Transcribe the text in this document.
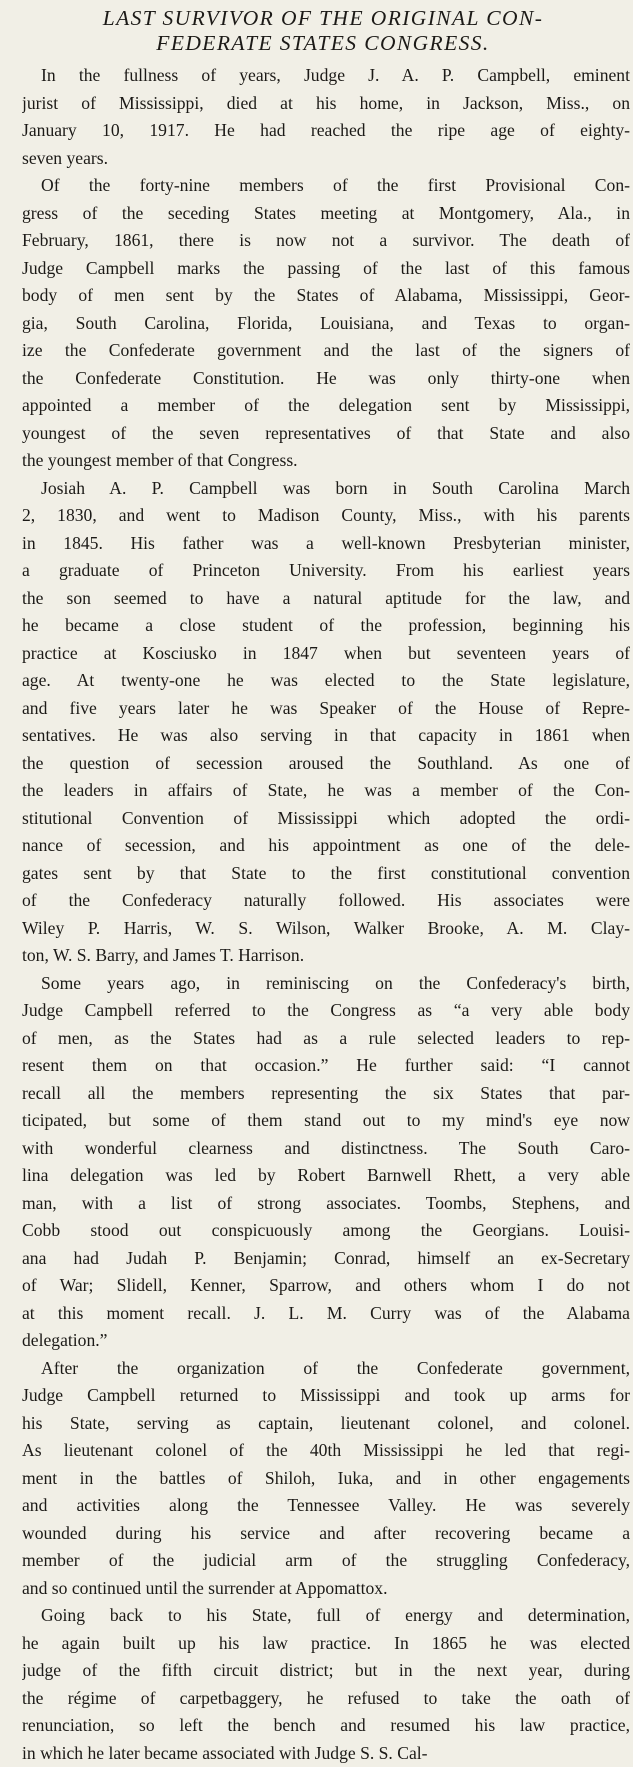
LAST SURVIVOR OF THE ORIGINAL CON-
FEDERATE STATES CONGRESS.
In the fullness of years, Judge J. A. P. Campbell, eminent
jurist of Mississippi, died at his home, in Jackson, Miss., on
January 10, 1917. He had reached the ripe age of eighty-
seven years.
Of the forty-nine members of the first Provisional Con-
gress of the seceding States meeting at Montgomery, Ala., in
February, 1861, there is now not a survivor. The death of
Judge Campbell marks the passing of the last of this famous
body of men sent by the States of Alabama, Mississippi, Geor-
gia, South Carolina, Florida, Louisiana, and Texas to organ-
ize the Confederate government and the last of the signers of
the Confederate Constitution. He was only thirty-one when
appointed a member of the delegation sent by Mississippi,
youngest of the seven representatives of that State and also
the youngest member of that Congress.
Josiah A. P. Campbell was born in South Carolina March
2, 1830, and went to Madison County, Miss., with his parents
in 1845. His father was a well-known Presbyterian minister,
a graduate of Princeton University. From his earliest years
the son seemed to have a natural aptitude for the law, and
he became a close student of the profession, beginning his
practice at Kosciusko in 1847 when but seventeen years of
age. At twenty-one he was elected to the State legislature,
and five years later he was Speaker of the House of Repre-
sentatives. He was also serving in that capacity in 1861 when
the question of secession aroused the Southland. As one of
the leaders in affairs of State, he was a member of the Con-
stitutional Convention of Mississippi which adopted the ordi-
nance of secession, and his appointment as one of the dele-
gates sent by that State to the first constitutional convention
of the Confederacy naturally followed. His associates were
Wiley P. Harris, W. S. Wilson, Walker Brooke, A. M. Clay-
ton, W. S. Barry, and James T. Harrison.
Some years ago, in reminiscing on the Confederacy's birth,
Judge Campbell referred to the Congress as “a very able body
of men, as the States had as a rule selected leaders to rep-
resent them on that occasion.” He further said: “I cannot
recall all the members representing the six States that par-
ticipated, but some of them stand out to my mind's eye now
with wonderful clearness and distinctness. The South Caro-
lina delegation was led by Robert Barnwell Rhett, a very able
man, with a list of strong associates. Toombs, Stephens, and
Cobb stood out conspicuously among the Georgians. Louisi-
ana had Judah P. Benjamin; Conrad, himself an ex-Secretary
of War; Slidell, Kenner, Sparrow, and others whom I do not
at this moment recall. J. L. M. Curry was of the Alabama
delegation.”
After the organization of the Confederate government,
Judge Campbell returned to Mississippi and took up arms for
his State, serving as captain, lieutenant colonel, and colonel.
As lieutenant colonel of the 40th Mississippi he led that regi-
ment in the battles of Shiloh, Iuka, and in other engagements
and activities along the Tennessee Valley. He was severely
wounded during his service and after recovering became a
member of the judicial arm of the struggling Confederacy,
and so continued until the surrender at Appomattox.
Going back to his State, full of energy and determination,
he again built up his law practice. In 1865 he was elected
judge of the fifth circuit district; but in the next year, during
the régime of carpetbaggery, he refused to take the oath of
renunciation, so left the bench and resumed his law practice,
in which he later became associated with Judge S. S. Cal-
